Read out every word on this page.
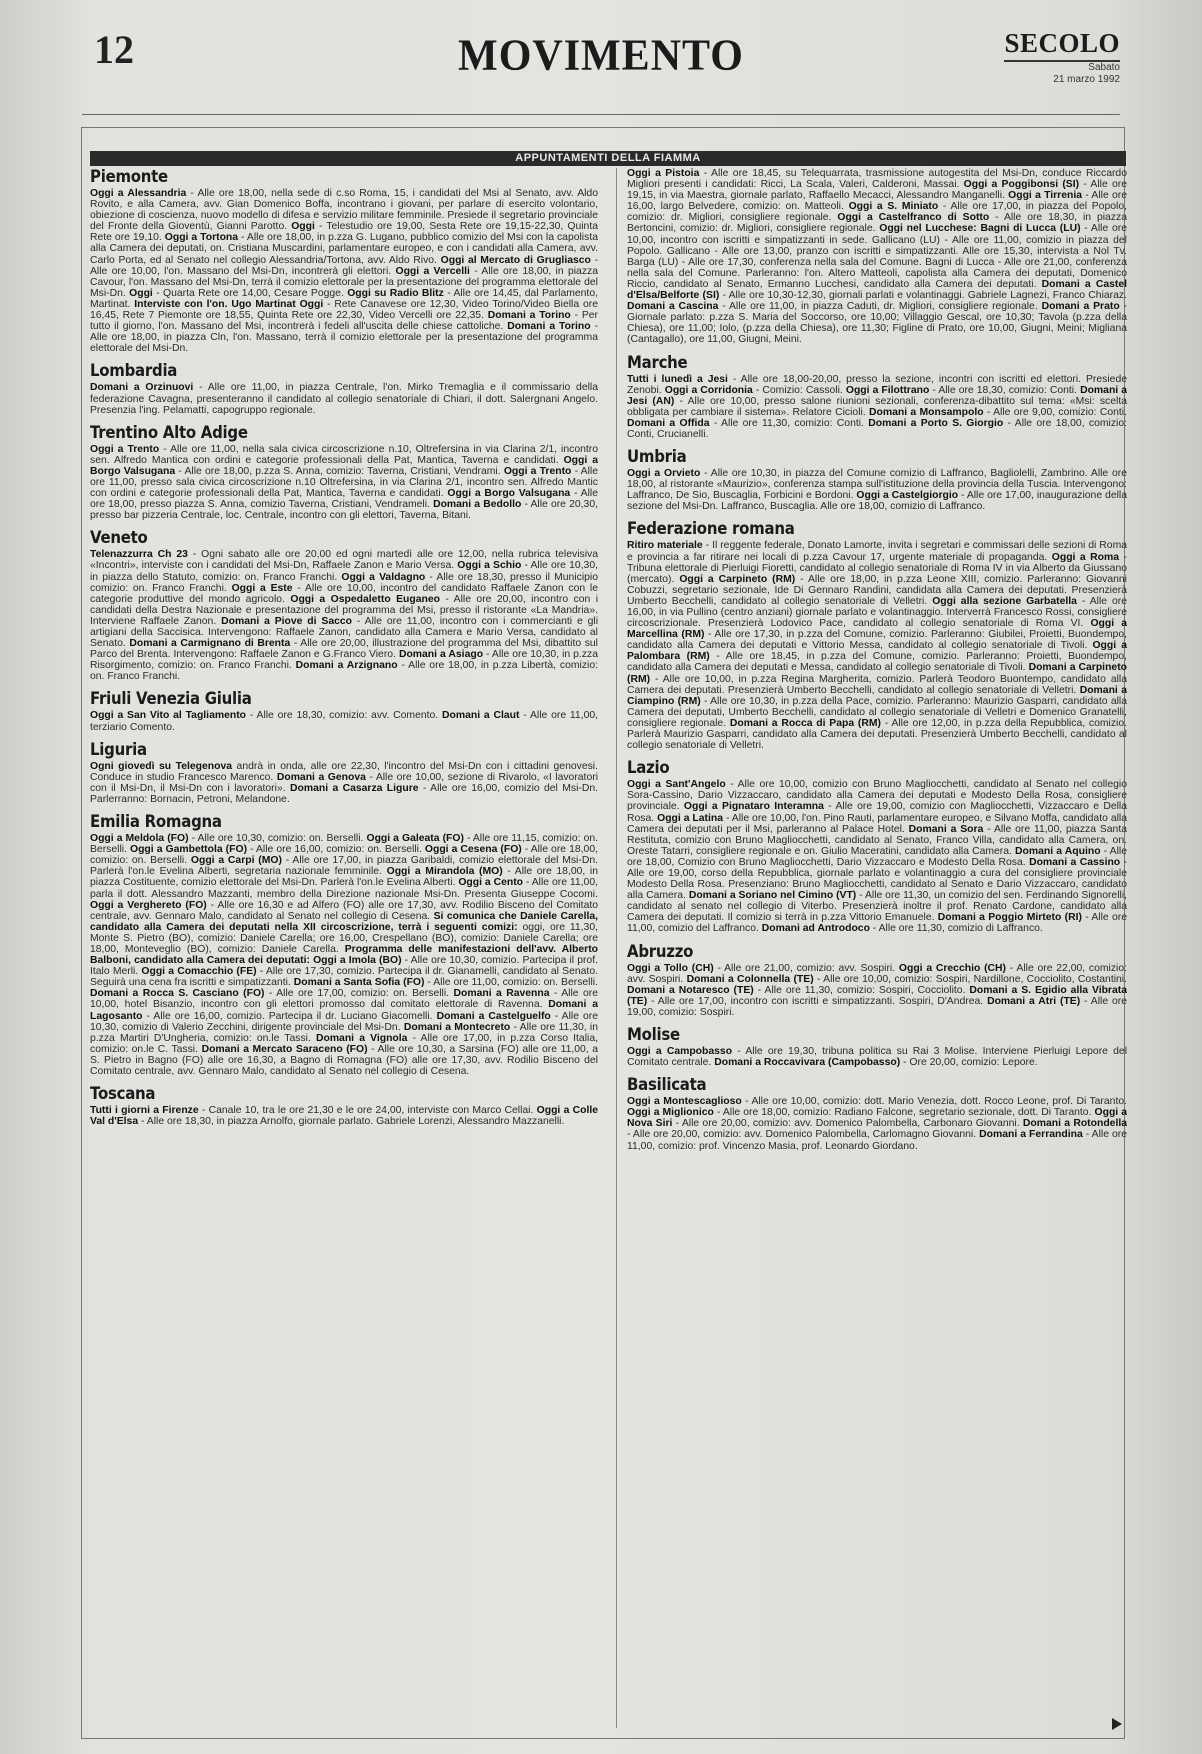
12	MOVIMENTO	SECOLO
Sabato
21 marzo 1992
APPUNTAMENTI DELLA FIAMMA
Piemonte

Oggi a Alessandria - Alle ore 18,00, nella sede di c.so Roma, 15, i candidati del Msi al Senato, avv. Aldo Rovito, e alla Camera, avv. Gian Domenico Boffa, incontrano i giovani, per parlare di esercito volontario, obiezione di coscienza, nuovo modello di difesa e servizio militare femminile. Presiede il segretario provinciale del Fronte della Gioventù, Gianni Parotto. Oggi - Telestudio ore 19,00, Sesta Rete ore 19,15-22,30, Quinta Rete ore 19,10. Oggi a Tortona - Alle ore 18,00, in p.zza G. Lugano, pubblico comizio del Msi con la capolista alla Camera dei deputati, on. Cristiana Muscardini, parlamentare europeo, e con i candidati alla Camera, avv. Carlo Porta, ed al Senato nel collegio Alessandria/Tortona, avv. Aldo Rivo. Oggi al Mercato di Grugliasco - Alle ore 10,00, l'on. Massano del Msi-Dn, incontrerà gli elettori. Oggi a Vercelli - Alle ore 18,00, in piazza Cavour, l'on. Massano del Msi-Dn, terrà il comizio elettorale per la presentazione del programma elettorale del Msi-Dn. Oggi - Quarta Rete ore 14,00, Cesare Pogge. Oggi su Radio Blitz - Alle ore 14,45, dal Parlamento, Martinat. Interviste con l'on. Ugo Martinat Oggi - Rete Canavese ore 12,30, Video Torino/Video Biella ore 16,45, Rete 7 Piemonte ore 18,55, Quinta Rete ore 22,30, Video Vercelli ore 22,35. Domani a Torino - Per tutto il giorno, l'on. Massano del Msi, incontrerà i fedeli all'uscita delle chiese cattoliche. Domani a Torino - Alle ore 18,00, in piazza Cln, l'on. Massano, terrà il comizio elettorale per la presentazione del programma elettorale del Msi-Dn.

Lombardia

Domani a Orzinuovi - Alle ore 11,00, in piazza Centrale, l'on. Mirko Tremaglia e il commissario della federazione Cavagna, presenteranno il candidato al collegio senatoriale di Chiari, il dott. Salergnani Angelo. Presenzia l'ing. Pelamatti, capogruppo regionale.

Trentino Alto Adige

Oggi a Trento - Alle ore 11,00, nella sala civica circoscrizione n.10, Oltrefersina in via Clarina 2/1, incontro sen. Alfredo Mantica con ordini e categorie professionali della Pat, Mantica, Taverna e candidati. Oggi a Borgo Valsugana - Alle ore 18,00, p.zza S. Anna, comizio: Taverna, Cristiani, Vendrami. Oggi a Trento - Alle ore 11,00, presso sala civica circoscrizione n.10 Oltrefersina, in via Clarina 2/1, incontro sen. Alfredo Mantic con ordini e categorie professionali della Pat, Mantica, Taverna e candidati. Oggi a Borgo Valsugana - Alle ore 18,00, presso piazza S. Anna, comizio Taverna, Cristiani, Vendrameli. Domani a Bedollo - Alle ore 20,30, presso bar pizzeria Centrale, loc. Centrale, incontro con gli elettori, Taverna, Bitani.

Veneto

Telenazzurra Ch 23 - Ogni sabato alle ore 20,00 ed ogni martedì alle ore 12,00, nella rubrica televisiva «Incontri», interviste con i candidati del Msi-Dn, Raffaele Zanon e Mario Versa. Oggi a Schio - Alle ore 10,30, in piazza dello Statuto, comizio: on. Franco Franchi. Oggi a Valdagno - Alle ore 18,30, presso il Municipio comizio: on. Franco Franchi. Oggi a Este - Alle ore 10,00, incontro del candidato Raffaele Zanon con le categorie produttive del mondo agricolo. Oggi a Ospedaletto Euganeo - Alle ore 20,00, incontro con i candidati della Destra Nazionale e presentazione del programma del Msi, presso il ristorante «La Mandria». Interviene Raffaele Zanon. Domani a Piove di Sacco - Alle ore 11,00, incontro con i commercianti e gli artigiani della Saccisica. Intervengono: Raffaele Zanon, candidato alla Camera e Mario Versa, candidato al Senato. Domani a Carmignano di Brenta - Alle ore 20,00, illustrazione del programma del Msi, dibattito sul Parco del Brenta. Intervengono: Raffaele Zanon e G.Franco Viero. Domani a Asiago - Alle ore 10,30, in p.zza Risorgimento, comizio: on. Franco Franchi. Domani a Arzignano - Alle ore 18,00, in p.zza Libertà, comizio: on. Franco Franchi.

Friuli Venezia Giulia

Oggi a San Vito al Tagliamento - Alle ore 18,30, comizio: avv. Comento. Domani a Claut - Alle ore 11,00, terziario Comento.

Liguria

Ogni giovedì su Telegenova andrà in onda, alle ore 22,30, l'incontro del Msi-Dn con i cittadini genovesi. Conduce in studio Francesco Marenco. Domani a Genova - Alle ore 10,00, sezione di Rivarolo, «I lavoratori con il Msi-Dn, il Msi-Dn con i lavoratori». Domani a Casarza Ligure - Alle ore 16,00, comizio del Msi-Dn. Parlerranno: Bornacin, Petroni, Melandone.

Emilia Romagna

Oggi a Meldola (FO) - Alle ore 10,30, comizio: on. Berselli. Oggi a Galeata (FO) - Alle ore 11,15, comizio: on. Berselli. Oggi a Gambettola (FO) - Alle ore 16,00, comizio: on. Berselli. Oggi a Cesena (FO) - Alle ore 18,00, comizio: on. Berselli. Oggi a Carpi (MO) - Alle ore 17,00, in piazza Garibaldi, comizio elettorale del Msi-Dn. Parlerà l'on.le Evelina Alberti, segretaria nazionale femminile. Oggi a Mirandola (MO) - Alle ore 18,00, in piazza Costituente, comizio elettorale del Msi-Dn. Parlerà l'on.le Evelina Alberti. Oggi a Cento - Alle ore 11,00, parla il dott. Alessandro Mazzanti, membro della Direzione nazionale Msi-Dn. Presenta Giuseppe Cocomi. Oggi a Verghereto (FO) - Alle ore 16,30 e ad Alfero (FO) alle ore 17,30, avv. Rodilio Bisceno del Comitato centrale, avv. Gennaro Malo, candidato al Senato nel collegio di Cesena. Si comunica che Daniele Carella, candidato alla Camera dei deputati nella XII circoscrizione, terrà i seguenti comizi: oggi, ore 11,30, Monte S. Pietro (BO), comizio: Daniele Carella; ore 16,00, Crespellano (BO), comizio: Daniele Carella; ore 18,00, Monteveglio (BO), comizio: Daniele Carella. Programma delle manifestazioni dell'avv. Alberto Balboni, candidato alla Camera dei deputati: Oggi a Imola (BO) - Alle ore 10,30, comizio. Partecipa il prof. Italo Merli. Oggi a Comacchio (FE) - Alle ore 17,30, comizio. Partecipa il dr. Gianamelli, candidato al Senato. Seguirà una cena fra iscritti e simpatizzanti. Domani a Santa Sofia (FO) - Alle ore 11,00, comizio: on. Berselli. Domani a Rocca S. Casciano (FO) - Alle ore 17,00, comizio: on. Berselli. Domani a Ravenna - Alle ore 10,00, hotel Bisanzio, incontro con gli elettori promosso dal comitato elettorale di Ravenna. Domani a Lagosanto - Alle ore 16,00, comizio. Partecipa il dr. Luciano Giacomelli. Domani a Castelguelfo - Alle ore 10,30, comizio di Valerio Zecchini, dirigente provinciale del Msi-Dn. Domani a Montecreto - Alle ore 11,30, in p.zza Martiri D'Ungheria, comizio: on.le Tassi. Domani a Vignola - Alle ore 17,00, in p.zza Corso Italia, comizio: on.le C. Tassi. Domani a Mercato Saraceno (FO) - Alle ore 10,30, a Sarsina (FO) alle ore 11,00, a S. Pietro in Bagno (FO) alle ore 16,30, a Bagno di Romagna (FO) alle ore 17,30, avv. Rodilio Bisceno del Comitato centrale, avv. Gennaro Malo, candidato al Senato nel collegio di Cesena.

Toscana

Tutti i giorni a Firenze - Canale 10, tra le ore 21,30 e le ore 24,00, interviste con Marco Cellai. Oggi a Colle Val d'Elsa - Alle ore 18,30, in piazza Arnolfo, giornale parlato. Gabriele Lorenzi, Alessandro Mazzanelli.

Oggi a Pistoia - Alle ore 18,45, su Telequarrata, trasmissione autogestita del Msi-Dn, conduce Riccardo Migliori presenti i candidati: Ricci, La Scala, Valeri, Calderoni, Massai. Oggi a Poggibonsi (SI) - Alle ore 19,15, in via Maestra, giornale parlato, Raffaello Mecacci, Alessandro Manganelli. Oggi a Tirrenia - Alle ore 16,00, largo Belvedere, comizio: on. Matteoli. Oggi a S. Miniato - Alle ore 17,00, in piazza del Popolo, comizio: dr. Migliori, consigliere regionale. Oggi a Castelfranco di Sotto - Alle ore 18,30, in piazza Bertoncini, comizio: dr. Migliori, consigliere regionale. Oggi nel Lucchese: Bagni di Lucca (LU) - Alle ore 10,00, incontro con iscritti e simpatizzanti in sede. Gallicano (LU) - Alle ore 11,00, comizio in piazza del Popolo. Gallicano - Alle ore 13,00, pranzo con iscritti e simpatizzanti. Alle ore 15,30, intervista a Nol Tv. Barga (LU) - Alle ore 17,30, conferenza nella sala del Comune. Bagni di Lucca - Alle ore 21,00, conferenza nella sala del Comune. Parleranno: l'on. Altero Matteoli, capolista alla Camera dei deputati, Domenico Riccio, candidato al Senato, Ermanno Lucchesi, candidato alla Camera dei deputati. Domani a Castel d'Elsa/Belforte (SI) - Alle ore 10,30-12,30, giornali parlati e volantinaggi. Gabriele Lagnezi, Franco Chiaraz. Domani a Cascina - Alle ore 11,00, in piazza Caduti, dr. Migliori, consigliere regionale. Domani a Prato - Giornale parlato: p.zza S. Maria del Soccorso, ore 10,00; Villaggio Gescal, ore 10,30; Tavola (p.zza della Chiesa), ore 11,00; Iolo, (p.zza della Chiesa), ore 11,30; Figline di Prato, ore 10,00, Giugni, Meini; Migliana (Cantagallo), ore 11,00, Giugni, Meini.

Marche

Tutti i lunedì a Jesi - Alle ore 18,00-20,00, presso la sezione, incontri con iscritti ed elettori. Presiede Zenobi. Oggi a Corridonia - Comizio: Cassoli. Oggi a Filottrano - Alle ore 18,30, comizio: Conti. Domani a Jesi (AN) - Alle ore 10,00, presso salone riunioni sezionali, conferenza-dibattito sul tema: «Msi: scelta obbligata per cambiare il sistema». Relatore Cicioli. Domani a Monsampolo - Alle ore 9,00, comizio: Conti. Domani a Offida - Alle ore 11,30, comizio: Conti. Domani a Porto S. Giorgio - Alle ore 18,00, comizio: Conti, Crucianelli.

Umbria

Oggi a Orvieto - Alle ore 10,30, in piazza del Comune comizio di Laffranco, Bagliolelli, Zambrino. Alle ore 18,00, al ristorante «Maurizio», conferenza stampa sull'istituzione della provincia della Tuscia. Intervengono: Laffranco, De Sio, Buscaglia, Forbicini e Bordoni. Oggi a Castelgiorgio - Alle ore 17,00, inaugurazione della sezione del Msi-Dn. Laffranco, Buscaglia. Alle ore 18,00, comizio di Laffranco.

Federazione romana

Ritiro materiale - Il reggente federale, Donato Lamorte, invita i segretari e commissari delle sezioni di Roma e provincia a far ritirare nei locali di p.zza Cavour 17, urgente materiale di propaganda. Oggi a Roma - Tribuna elettorale di Pierluigi Fioretti, candidato al collegio senatoriale di Roma IV in via Alberto da Giussano (mercato). Oggi a Carpineto (RM) - Alle ore 18,00, in p.zza Leone XIII, comizio. Parleranno: Giovanni Cobuzzi, segretario sezionale, Ide Di Gennaro Randini, candidata alla Camera dei deputati. Presenzierà Umberto Becchelli, candidato al collegio senatoriale di Velletri. Oggi alla sezione Garbatella - Alle ore 16,00, in via Pullino (centro anziani) giornale parlato e volantinaggio. Interverrà Francesco Rossi, consigliere circoscrizionale. Presenzierà Lodovico Pace, candidato al collegio senatoriale di Roma VI. Oggi a Marcellina (RM) - Alle ore 17,30, in p.zza del Comune, comizio. Parleranno: Giubilei, Proietti, Buondempo, candidato alla Camera dei deputati e Vittorio Messa, candidato al collegio senatoriale di Tivoli. Oggi a Palombara (RM) - Alle ore 18,45, in p.zza del Comune, comizio. Parleranno: Proietti, Buondempo, candidato alla Camera dei deputati e Messa, candidato al collegio senatoriale di Tivoli. Domani a Carpineto (RM) - Alle ore 10,00, in p.zza Regina Margherita, comizio. Parlerà Teodoro Buontempo, candidato alla Camera dei deputati. Presenzierà Umberto Becchelli, candidato al collegio senatoriale di Velletri. Domani a Ciampino (RM) - Alle ore 10,30, in p.zza della Pace, comizio. Parleranno: Maurizio Gasparri, candidato alla Camera dei deputati, Umberto Becchelli, candidato al collegio senatoriale di Velletri e Domenico Granatelli, consigliere regionale. Domani a Rocca di Papa (RM) - Alle ore 12,00, in p.zza della Repubblica, comizio. Parlerà Maurizio Gasparri, candidato alla Camera dei deputati. Presenzierà Umberto Becchelli, candidato al collegio senatoriale di Velletri.

Lazio

Oggi a Sant'Angelo - Alle ore 10,00, comizio con Bruno Magliocchetti, candidato al Senato nel collegio Sora-Cassino, Dario Vizzaccaro, candidato alla Camera dei deputati e Modesto Della Rosa, consigliere provinciale. Oggi a Pignataro Interamna - Alle ore 19,00, comizio con Magliocchetti, Vizzaccaro e Della Rosa. Oggi a Latina - Alle ore 10,00, l'on. Pino Rauti, parlamentare europeo, e Silvano Moffa, candidato alla Camera dei deputati per il Msi, parleranno al Palace Hotel. Domani a Sora - Alle ore 11,00, piazza Santa Restituta, comizio con Bruno Magliocchetti, candidato al Senato, Franco Villa, candidato alla Camera, on. Oreste Tatarri, consigliere regionale e on. Giulio Maceratini, candidato alla Camera. Domani a Aquino - Alle ore 18,00, Comizio con Bruno Magliocchetti, Dario Vizzaccaro e Modesto Della Rosa. Domani a Cassino - Alle ore 19,00, corso della Repubblica, giornale parlato e volantinaggio a cura del consigliere provinciale Modesto Della Rosa. Presenziano: Bruno Magliocchetti, candidato al Senato e Dario Vizzaccaro, candidato alla Camera. Domani a Soriano nel Cimino (VT) - Alle ore 11,30, un comizio del sen. Ferdinando Signorelli, candidato al senato nel collegio di Viterbo. Presenzierà inoltre il prof. Renato Cardone, candidato alla Camera dei deputati. Il comizio si terrà in p.zza Vittorio Emanuele. Domani a Poggio Mirteto (RI) - Alle ore 11,00, comizio del Laffranco. Domani ad Antrodoco - Alle ore 11,30, comizio di Laffranco.

Abruzzo

Oggi a Tollo (CH) - Alle ore 21,00, comizio: avv. Sospiri. Oggi a Crecchio (CH) - Alle ore 22,00, comizio: avv. Sospiri. Domani a Colonnella (TE) - Alle ore 10,00, comizio: Sospiri, Nardillone, Cocciolito, Costantini. Domani a Notaresco (TE) - Alle ore 11,30, comizio: Sospiri, Cocciolito. Domani a S. Egidio alla Vibrata (TE) - Alle ore 17,00, incontro con iscritti e simpatizzanti. Sospiri, D'Andrea. Domani a Atri (TE) - Alle ore 19,00, comizio: Sospiri.

Molise

Oggi a Campobasso - Alle ore 19,30, tribuna politica su Rai 3 Molise. Interviene Pierluigi Lepore del Comitato centrale. Domani a Roccavivara (Campobasso) - Ore 20,00, comizio: Lepore.

Basilicata

Oggi a Montescaglioso - Alle ore 10,00, comizio: dott. Mario Venezia, dott. Rocco Leone, prof. Di Taranto. Oggi a Miglionico - Alle ore 18,00, comizio: Radiano Falcone, segretario sezionale, dott. Di Taranto. Oggi a Nova Siri - Alle ore 20,00, comizio: avv. Domenico Palombella, Carbonaro Giovanni. Domani a Rotondella - Alle ore 20,00, comizio: avv. Domenico Palombella, Carlomagno Giovanni. Domani a Ferrandina - Alle ore 11,00, comizio: prof. Vincenzo Masia, prof. Leonardo Giordano.
